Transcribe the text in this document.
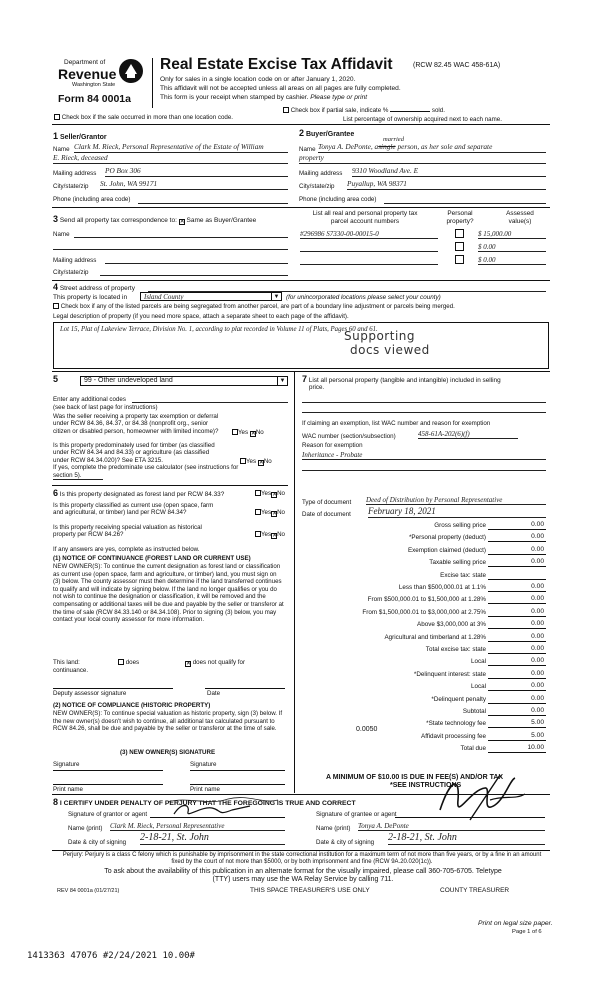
Department of
Revenue
Washington State
Form 84 0001a
Real Estate Excise Tax Affidavit	(RCW 82.45 WAC 458-61A)
Only for sales in a single location code on or after January 1, 2020.
This affidavit will not be accepted unless all areas on all pages are fully completed.
This form is your receipt when stamped by cashier. Please type or print
Check box if the sale occurred in more than one location code.
Check box if partial sale, indicate %	sold.
List percentage of ownership acquired next to each name.
1 Seller/Grantor
Name Clark M. Rieck, Personal Representative of the Estate of William
E. Rieck, deceased
Mailing address PO Box 306
City/state/zip St. John, WA 99171
Phone (including area code)
2 Buyer/Grantee
married
Name Tonya A. DePonte, asingle person, as her sole and separate
property
Mailing address 9310 Woodland Ave. E
City/state/zip Puyallup, WA 98371
Phone (including area code)
3 Send all property tax correspondence to: ✕ Same as Buyer/Grantee
Name
Mailing address
City/state/zip
List all real and personal property tax
parcel account numbers
Personal
property?
Assessed
value(s)
#296986 S7330-00-00015-0	$ 15,000.00
$ 0.00
$ 0.00
4 Street address of property
This property is located in Island County	▼ (for unincorporated locations please select your county)
Check box if any of the listed parcels are being segregated from another parcel, are part of a boundary line adjustment or parcels being merged.
Legal description of property (if you need more space, attach a separate sheet to each page of the affidavit).
Lot 15, Plat of Lakeview Terrace, Division No. 1, according to plat recorded in Volume 11 of Plats, Pages 60 and 61.
Supporting
docs viewed
5	99 - Other undeveloped land	▼
Enter any additional codes
(see back of last page for instructions)
Was the seller receiving a property tax exemption or deferral
under RCW 84.36, 84.37, or 84.38 (nonprofit org., senior
citizen or disabled person, homeowner with limited income)?	Yes ✕ No
Is this property predominately used for timber (as classified
under RCW 84.34 and 84.33) or agriculture (as classified
under RCW 84.34.020)? See ETA 3215.
If yes, complete the predominate use calculator (see instructions for
section 5).
Yes ✕ No
6 Is this property designated as forest land per RCW 84.33?	Yes ✕ No
Is this property classified as current use (open space, farm
and agricultural, or timber) land per RCW 84.34?	Yes ✕ No
Is this property receiving special valuation as historical
property per RCW 84.26?	Yes ✕ No
If any answers are yes, complete as instructed below.
(1) NOTICE OF CONTINUANCE (FOREST LAND OR CURRENT USE)
NEW OWNER(S): To continue the current designation as forest land or classification as current use (open space, farm and agriculture, or timber) land, you must sign on (3) below. The county assessor must then determine if the land transferred continues to qualify and will indicate by signing below. If the land no longer qualifies or you do not wish to continue the designation or classification, it will be removed and the compensating or additional taxes will be due and payable by the seller or transferor at the time of sale (RCW 84.33.140 or 84.34.108). Prior to signing (3) below, you may contact your local county assessor for more information.
This land:	does ✕	does not qualify for
continuance.
Deputy assessor signature	Date
(2) NOTICE OF COMPLIANCE (HISTORIC PROPERTY)
NEW OWNER(S): To continue special valuation as historic property, sign (3) below. If the new owner(s) doesn't wish to continue, all additional tax calculated pursuant to RCW 84.26, shall be due and payable by the seller or transferor at the time of sale.
(3) NEW OWNER(S) SIGNATURE
Signature	Signature
Print name	Print name
7 List all personal property (tangible and intangible) included in selling
price.
If claiming an exemption, list WAC number and reason for exemption
WAC number (section/subsection)	458-61A-202(6)(f)
Reason for exemption
Inheritance - Probate
Type of document Deed of Distribution by Personal Representative
Date of document February 18, 2021
0.0050
A MINIMUM OF $10.00 IS DUE IN FEE(S) AND/OR TAX
*SEE INSTRUCTIONS
8 I CERTIFY UNDER PENALTY OF PERJURY THAT THE FOREGOING IS TRUE AND CORRECT
Signature of grantor or agent	Signature of grantee or agent
Name (print) Clark M. Rieck, Personal Representative	Name (print) Tonya A. DePonte
Date & city of signing 2-18-21, St. John	Date & city of signing 2-18-21, St. John
Perjury: Perjury is a class C felony which is punishable by imprisonment in the state correctional institution for a maximum term of not more than five years, or by a fine in an amount fixed by the court of not more than $5000, or by both imprisonment and fine (RCW 9A.20.020(1c)).
To ask about the availability of this publication in an alternate format for the visually impaired, please call 360-705-6705. Teletype
(TTY) users may use the WA Relay Service by calling 711.
REV 84 0001a (01/27/21)	THIS SPACE TREASURER'S USE ONLY	COUNTY TREASURER
Print on legal size paper.
Page 1 of 6
1413363 47076 #2/24/2021 10.00#
Gross selling price	0.00
*Personal property (deduct)	0.00
Exemption claimed (deduct)	0.00
Taxable selling price	0.00
Excise tax: state
Less than $500,000.01 at 1.1%	0.00
From $500,000.01 to $1,500,000 at 1.28%	0.00
From $1,500,000.01 to $3,000,000 at 2.75%	0.00
Above $3,000,000 at 3%	0.00
Agricultural and timberland at 1.28%	0.00
Total excise tax: state	0.00
Local	0.00
*Delinquent interest: state	0.00
Local	0.00
*Delinquent penalty	0.00
Subtotal	0.00
*State technology fee	5.00
Affidavit processing fee	5.00
Total due	10.00
